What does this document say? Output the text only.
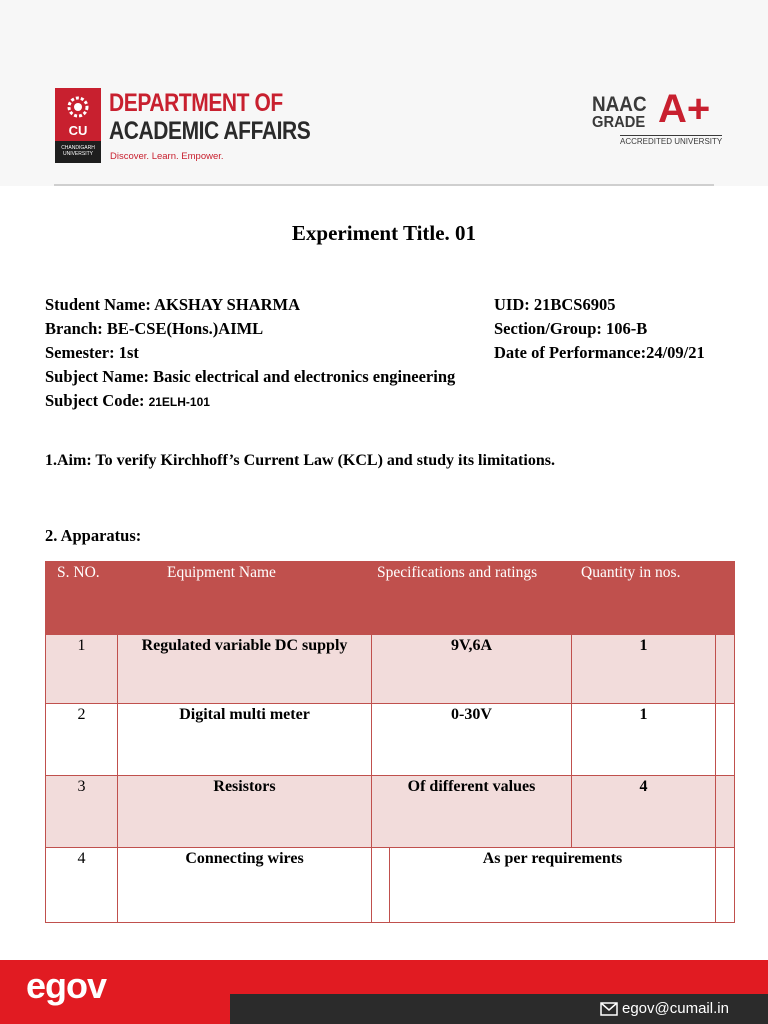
CU
CHANDIGARH UNIVERSITY
DEPARTMENT OF
ACADEMIC AFFAIRS
Discover. Learn. Empower.
NAAC
GRADE A+
ACCREDITED UNIVERSITY
Experiment Title. 01
Student Name: AKSHAY SHARMA
Branch: BE-CSE(Hons.)AIML
Semester: 1st
Subject Name: Basic electrical and electronics engineering
Subject Code: 21ELH-101
UID: 21BCS6905
Section/Group: 106-B
Date of Performance:24/09/21
1.Aim: To verify Kirchhoff’s Current Law (KCL) and study its limitations.
2. Apparatus:
S. NO.	Equipment Name	Specifications and ratings	Quantity in nos.
1	Regulated variable DC supply	9V,6A	1
2	Digital multi meter	0-30V	1
3	Resistors	Of different values	4
4	Connecting wires	As per requirements
egov
egov@cumail.in
